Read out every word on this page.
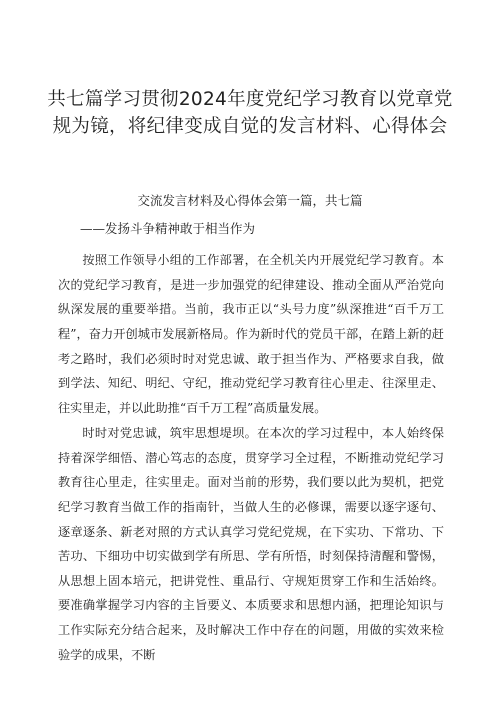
共七篇学习贯彻2024年度党纪学习教育以党章党规为镜，将纪律变成自觉的发言材料、心得体会
交流发言材料及心得体会第一篇，共七篇
——发扬斗争精神敢于相当作为

按照工作领导小组的工作部署，在全机关内开展党纪学习教育。本次的党纪学习教育，是进一步加强党的纪律建设、推动全面从严治党向纵深发展的重要举措。当前，我市正以“头号力度”纵深推进“百千万工程”，奋力开创城市发展新格局。作为新时代的党员干部，在踏上新的赶考之路时，我们必须时时对党忠诚、敢于担当作为、严格要求自我，做到学法、知纪、明纪、守纪，推动党纪学习教育往心里走、往深里走、往实里走，并以此助推“百千万工程”高质量发展。

时时对党忠诚，筑牢思想堤坝。在本次的学习过程中，本人始终保持着深学细悟、潜心笃志的态度，贯穿学习全过程，不断推动党纪学习教育往心里走，往实里走。面对当前的形势，我们要以此为契机，把党纪学习教育当做工作的指南针，当做人生的必修课，需要以逐字逐句、逐章逐条、新老对照的方式认真学习党纪党规，在下实功、下常功、下苦功、下细功中切实做到学有所思、学有所悟，时刻保持清醒和警惕，从思想上固本培元，把讲党性、重品行、守规矩贯穿工作和生活始终。要准确掌握学习内容的主旨要义、本质要求和思想内涵，把理论知识与工作实际充分结合起来，及时解决工作中存在的问题，用做的实效来检验学的成果，不断
